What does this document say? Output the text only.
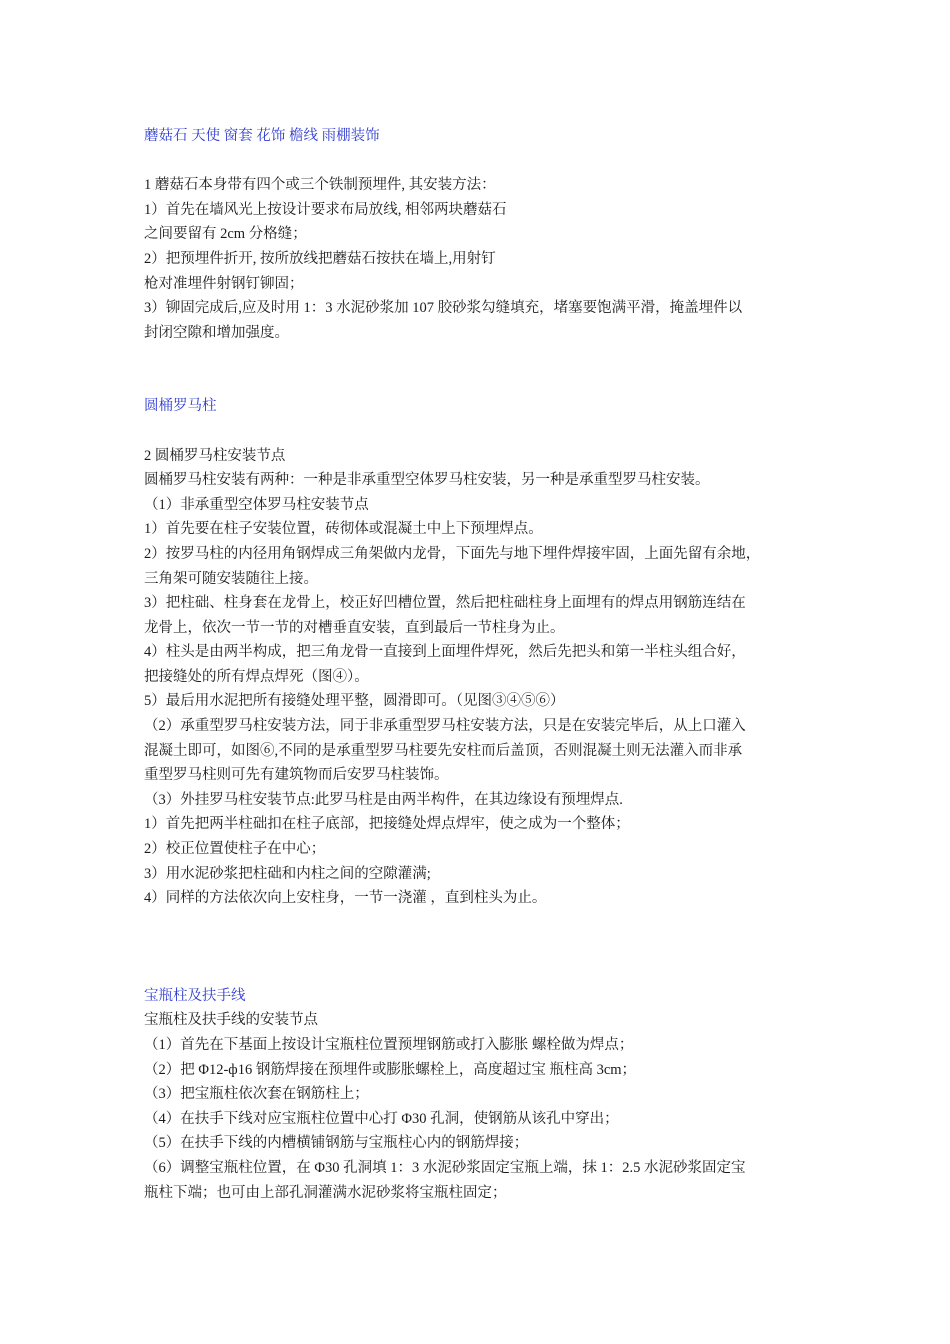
蘑菇石 天使 窗套 花饰 檐线 雨棚装饰
1 蘑菇石本身带有四个或三个铁制预埋件, 其安装方法：
1）首先在墙风光上按设计要求布局放线, 相邻两块蘑菇石
之间要留有 2cm 分格缝；
2）把预埋件折开, 按所放线把蘑菇石按扶在墙上,用射钉
枪对准埋件射钢钉铆固；
3）铆固完成后,应及时用 1：3 水泥砂浆加 107 胶砂浆勾缝填充，堵塞要饱满平滑，掩盖埋件以
封闭空隙和增加强度。
圆桶罗马柱
2 圆桶罗马柱安装节点
圆桶罗马柱安装有两种：一种是非承重型空体罗马柱安装，另一种是承重型罗马柱安装。
（1）非承重型空体罗马柱安装节点
1）首先要在柱子安装位置，砖彻体或混凝土中上下预埋焊点。
2）按罗马柱的内径用角钢焊成三角架做内龙骨，下面先与地下埋件焊接牢固，上面先留有余地，
三角架可随安装随往上接。
3）把柱础、柱身套在龙骨上，校正好凹槽位置，然后把柱础柱身上面埋有的焊点用钢筋连结在
龙骨上，依次一节一节的对槽垂直安装，直到最后一节柱身为止。
4）柱头是由两半构成，把三角龙骨一直接到上面埋件焊死，然后先把头和第一半柱头组合好，
把接缝处的所有焊点焊死（图④）。
5）最后用水泥把所有接缝处理平整，圆滑即可。（见图③④⑤⑥）
（2）承重型罗马柱安装方法，同于非承重型罗马柱安装方法，只是在安装完毕后，从上口灌入
混凝土即可，如图⑥,不同的是承重型罗马柱要先安柱而后盖顶，否则混凝土则无法灌入而非承
重型罗马柱则可先有建筑物而后安罗马柱装饰。
（3）外挂罗马柱安装节点:此罗马柱是由两半构件，在其边缘设有预埋焊点.
1）首先把两半柱础扣在柱子底部，把接缝处焊点焊牢，使之成为一个整体；
2）校正位置使柱子在中心；
3）用水泥砂浆把柱础和内柱之间的空隙灌满;
4）同样的方法依次向上安柱身，一节一浇灌 ，直到柱头为止。
宝瓶柱及扶手线
宝瓶柱及扶手线的安装节点
（1）首先在下基面上按设计宝瓶柱位置预埋钢筋或打入膨胀 螺栓做为焊点；
（2）把 Φ12-ф16 钢筋焊接在预埋件或膨胀螺栓上，高度超过宝 瓶柱高 3cm；
（3）把宝瓶柱依次套在钢筋柱上；
（4）在扶手下线对应宝瓶柱位置中心打 Φ30 孔洞，使钢筋从该孔中穿出；
（5）在扶手下线的内槽横铺钢筋与宝瓶柱心内的钢筋焊接；
（6）调整宝瓶柱位置，在 Φ30 孔洞填 1：3 水泥砂浆固定宝瓶上端，抹 1：2.5 水泥砂浆固定宝
瓶柱下端；也可由上部孔洞灌满水泥砂浆将宝瓶柱固定；
